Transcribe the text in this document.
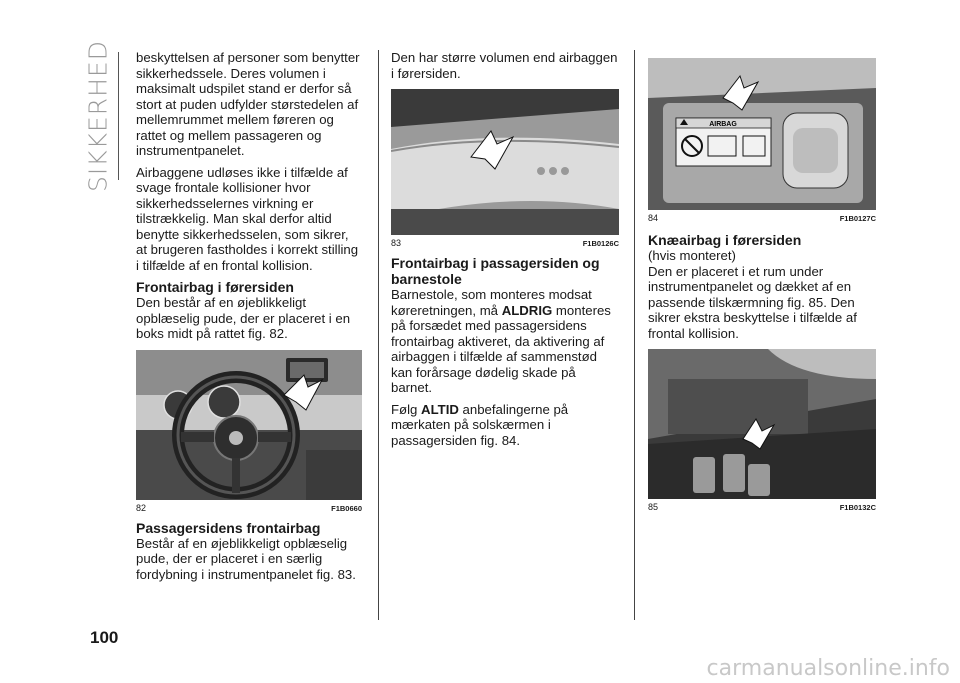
SIKKERHED beskyttelsen af personer som benytter sikkerhedssele. Deres volumen i maksimalt udspilet stand er derfor så stort at puden udfylder størstedelen af mellemrummet mellem føreren og rattet og mellem passageren og instrumentpanelet.

Airbaggene udløses ikke i tilfælde af svage frontale kollisioner hvor sikkerhedsselernes virkning er tilstrækkelig. Man skal derfor altid benytte sikkerhedsselen, som sikrer, at brugeren fastholdes i korrekt stilling i tilfælde af en frontal kollision.

Frontairbag i førersiden

Den består af en øjeblikkeligt opblæselig pude, der er placeret i en boks midt på rattet fig. 82.

82	F1B0660
Passagersidens frontairbag

Består af en øjeblikkeligt opblæselig pude, der er placeret i en særlig fordybning i instrumentpanelet fig. 83.

Den har større volumen end airbaggen i førersiden.

83	F1B0126C
Frontairbag i passagersiden og barnestole

Barnestole, som monteres modsat køreretningen, må ALDRIG monteres på forsædet med passagersidens frontairbag aktiveret, da aktivering af airbaggen i tilfælde af sammenstød kan forårsage dødelig skade på barnet.

Følg ALTID anbefalingerne på mærkaten på solskærmen i passagersiden fig. 84.

AIRBAG
84	F1B0127C
Knæairbag i førersiden

(hvis monteret)

Den er placeret i et rum under instrumentpanelet og dækket af en passende tilskærmning fig. 85. Den sikrer ekstra beskyttelse i tilfælde af frontal kollision.

85	F1B0132C
100
carmanualsonline.info
